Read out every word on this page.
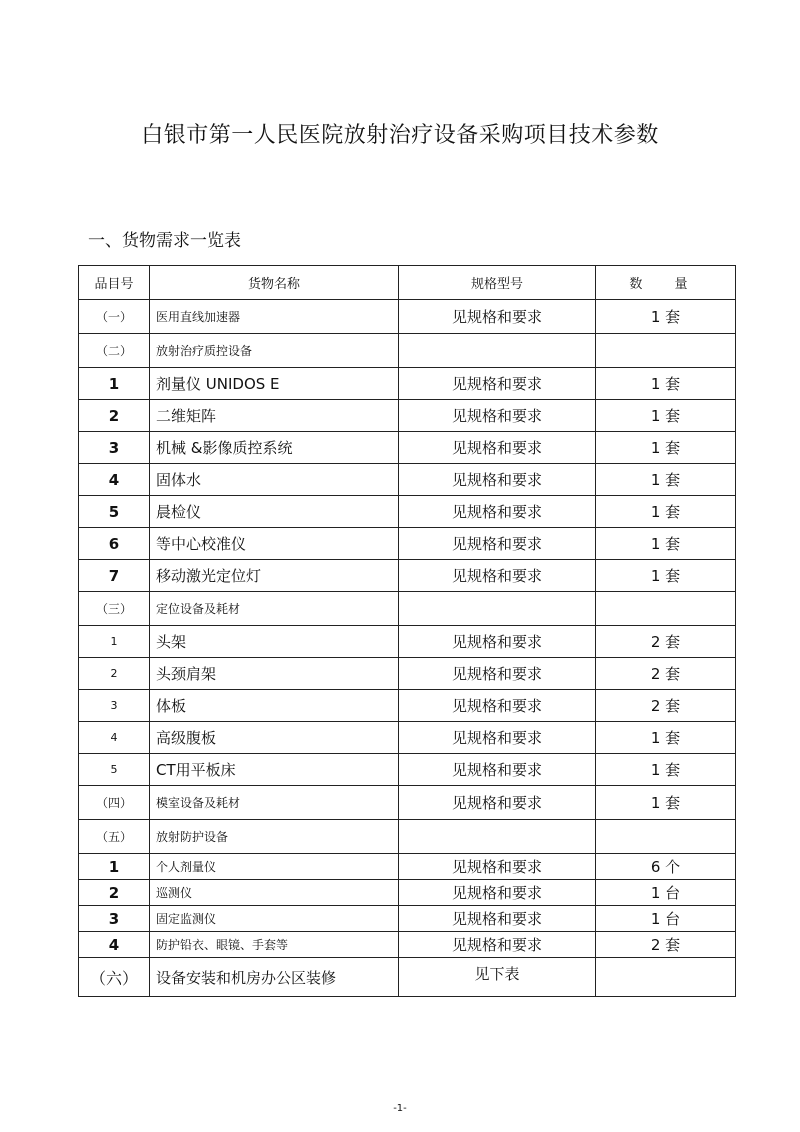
白银市第一人民医院放射治疗设备采购项目技术参数
一、货物需求一览表
品目号	货物名称	规格型号	数 量
（一）	医用直线加速器	见规格和要求	1 套
（二）	放射治疗质控设备		
1	剂量仪 UNIDOS E	见规格和要求	1 套
2	二维矩阵	见规格和要求	1 套
3	机械 &影像质控系统	见规格和要求	1 套
4	固体水	见规格和要求	1 套
5	晨检仪	见规格和要求	1 套
6	等中心校准仪	见规格和要求	1 套
7	移动激光定位灯	见规格和要求	1 套
（三）	定位设备及耗材		
1	头架	见规格和要求	2 套
2	头颈肩架	见规格和要求	2 套
3	体板	见规格和要求	2 套
4	高级腹板	见规格和要求	1 套
5	CT用平板床	见规格和要求	1 套
（四）	模室设备及耗材	见规格和要求	1 套
（五）	放射防护设备		
1	个人剂量仪	见规格和要求	6 个
2	巡测仪	见规格和要求	1 台
3	固定监测仪	见规格和要求	1 台
4	防护铅衣、眼镜、手套等	见规格和要求	2 套
（六）	设备安装和机房办公区装修	见下表	
-1-
